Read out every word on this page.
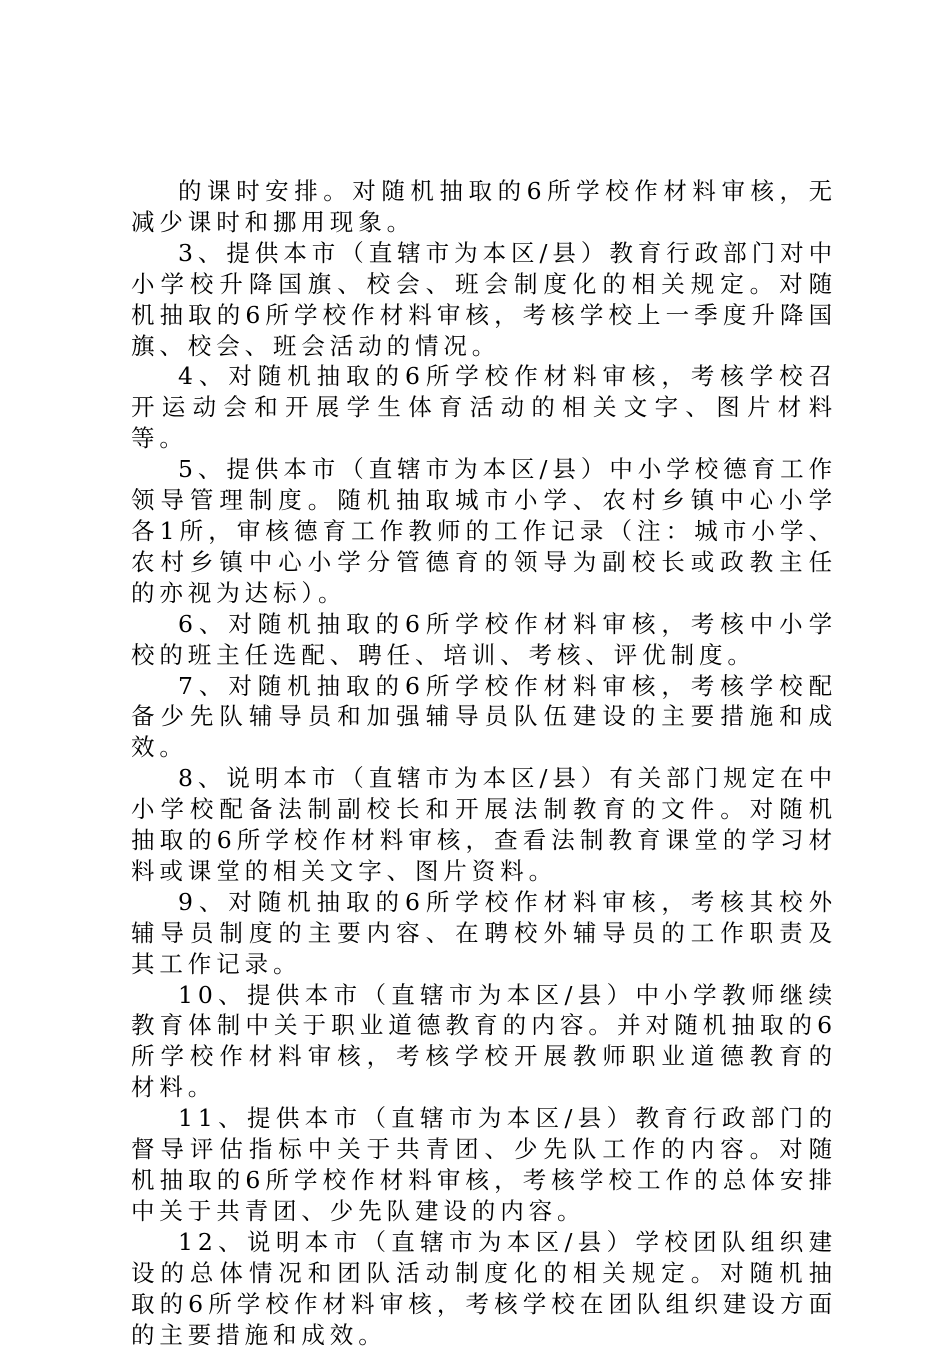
的课时安排。对随机抽取的6所学校作材料审核，无减少课时和挪用现象。

3、提供本市（直辖市为本区/县）教育行政部门对中小学校升降国旗、校会、班会制度化的相关规定。对随机抽取的6所学校作材料审核，考核学校上一季度升降国旗、校会、班会活动的情况。

4、对随机抽取的6所学校作材料审核，考核学校召开运动会和开展学生体育活动的相关文字、图片材料等。

5、提供本市（直辖市为本区/县）中小学校德育工作领导管理制度。随机抽取城市小学、农村乡镇中心小学各1所，审核德育工作教师的工作记录（注：城市小学、农村乡镇中心小学分管德育的领导为副校长或政教主任的亦视为达标）。

6、对随机抽取的6所学校作材料审核，考核中小学校的班主任选配、聘任、培训、考核、评优制度。

7、对随机抽取的6所学校作材料审核，考核学校配备少先队辅导员和加强辅导员队伍建设的主要措施和成效。

8、说明本市（直辖市为本区/县）有关部门规定在中小学校配备法制副校长和开展法制教育的文件。对随机抽取的6所学校作材料审核，查看法制教育课堂的学习材料或课堂的相关文字、图片资料。

9、对随机抽取的6所学校作材料审核，考核其校外辅导员制度的主要内容、在聘校外辅导员的工作职责及其工作记录。

10、提供本市（直辖市为本区/县）中小学教师继续教育体制中关于职业道德教育的内容。并对随机抽取的6所学校作材料审核，考核学校开展教师职业道德教育的材料。

11、提供本市（直辖市为本区/县）教育行政部门的督导评估指标中关于共青团、少先队工作的内容。对随机抽取的6所学校作材料审核，考核学校工作的总体安排中关于共青团、少先队建设的内容。

12、说明本市（直辖市为本区/县）学校团队组织建设的总体情况和团队活动制度化的相关规定。对随机抽取的6所学校作材料审核，考核学校在团队组织建设方面的主要措施和成效。
